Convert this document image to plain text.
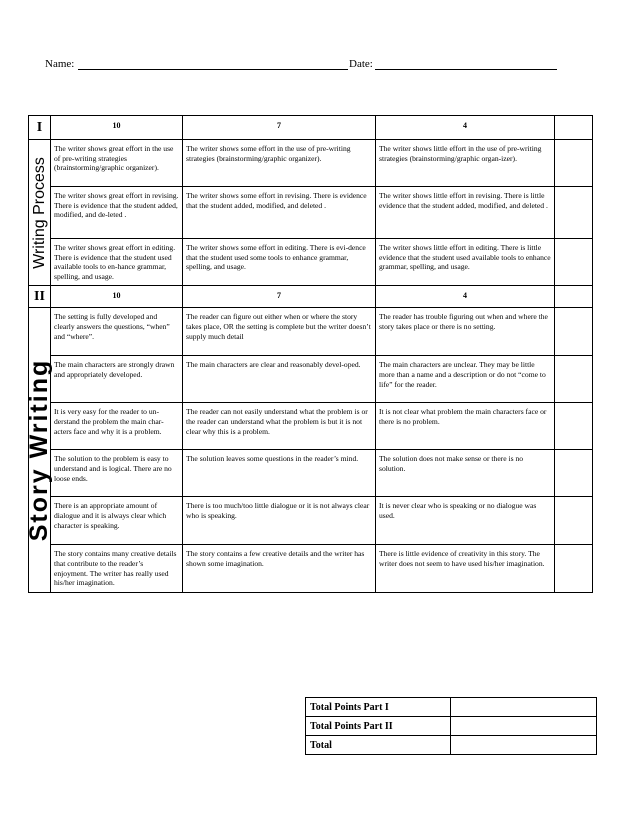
Name:	Date:
I	10	7	4	

Writing Process	The writer shows great effort in the use of pre-writing strategies (brainstorming/graphic organizer).	The writer shows some effort in the use of pre-writing strategies (brainstorming/graphic organizer).	The writer shows little effort in the use of pre-writing strategies (brainstorming/graphic organ-izer).	
	The writer shows great effort in revising. There is evidence that the student added, modified, and de-leted .	The writer shows some effort in revising. There is evidence that the student added, modified, and deleted .	The writer shows little effort in revising. There is little evidence that the student added, modified, and deleted .	
	The writer shows great effort in editing. There is evidence that the student used available tools to en-hance grammar, spelling, and usage.	The writer shows some effort in editing. There is evi-dence that the student used some tools to enhance grammar, spelling, and usage.	The writer shows little effort in editing. There is little evidence that the student used available tools to enhance grammar, spelling, and usage.	
II	10	7	4	

Story Writing	The setting is fully developed and clearly answers the questions, “when” and “where”.	The reader can figure out either when or where the story takes place, OR the setting is complete but the writer doesn’t supply much detail	The reader has trouble figuring out when and where the story takes place or there is no setting.	
	The main characters are strongly drawn and appropriately developed.	The main characters are clear and reasonably devel-oped.	The main characters are unclear. They may be little more than a name and a description or do not “come to life” for the reader.	
	It is very easy for the reader to un-derstand the problem the main char-acters face and why it is a problem.	The reader can not easily understand what the problem is or the reader can understand what the problem is but it is not clear why this is a problem.	It is not clear what problem the main characters face or there is no problem.	
	The solution to the problem is easy to understand and is logical. There are no loose ends.	The solution leaves some questions in the reader’s mind.	The solution does not make sense or there is no solution.	
	There is an appropriate amount of dialogue and it is always clear which character is speaking.	There is too much/too little dialogue or it is not always clear who is speaking.	It is never clear who is speaking or no dialogue was used.	
	The story contains many creative details that contribute to the reader’s enjoyment. The writer has really used his/her imagination.	The story contains a few creative details and the writer has shown some imagination.	There is little evidence of creativity in this story. The writer does not seem to have used his/her imagination.	
Total Points Part I	
Total Points Part II	
Total	
